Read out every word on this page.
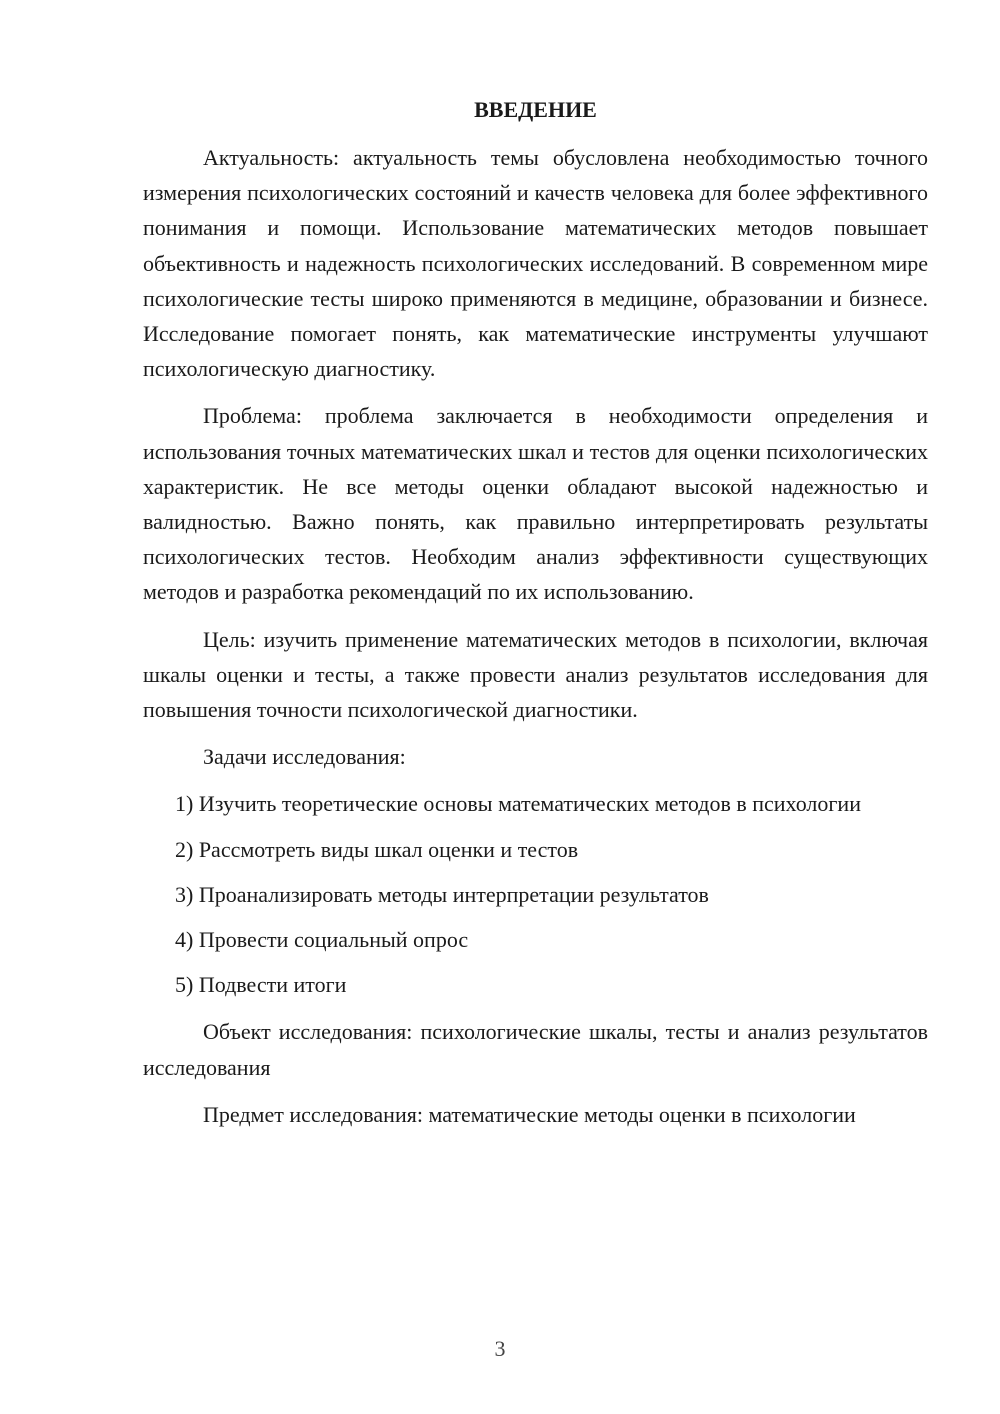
ВВЕДЕНИЕ

Актуальность: актуальность темы обусловлена необходимостью точного измерения психологических состояний и качеств человека для более эффективного понимания и помощи. Использование математических методов повышает объективность и надежность психологических исследований. В современном мире психологические тесты широко применяются в медицине, образовании и бизнесе. Исследование помогает понять, как математические инструменты улучшают психологическую диагностику.

Проблема: проблема заключается в необходимости определения и использования точных математических шкал и тестов для оценки психологических характеристик. Не все методы оценки обладают высокой надежностью и валидностью. Важно понять, как правильно интерпретировать результаты психологических тестов. Необходим анализ эффективности существующих методов и разработка рекомендаций по их использованию.

Цель: изучить применение математических методов в психологии, включая шкалы оценки и тесты, а также провести анализ результатов исследования для повышения точности психологической диагностики.

Задачи исследования:

1) Изучить теоретические основы математических методов в психологии

2) Рассмотреть виды шкал оценки и тестов

3) Проанализировать методы интерпретации результатов

4) Провести социальный опрос

5) Подвести итоги

Объект исследования: психологические шкалы, тесты и анализ результатов исследования

Предмет исследования: математические методы оценки в психологии

3
